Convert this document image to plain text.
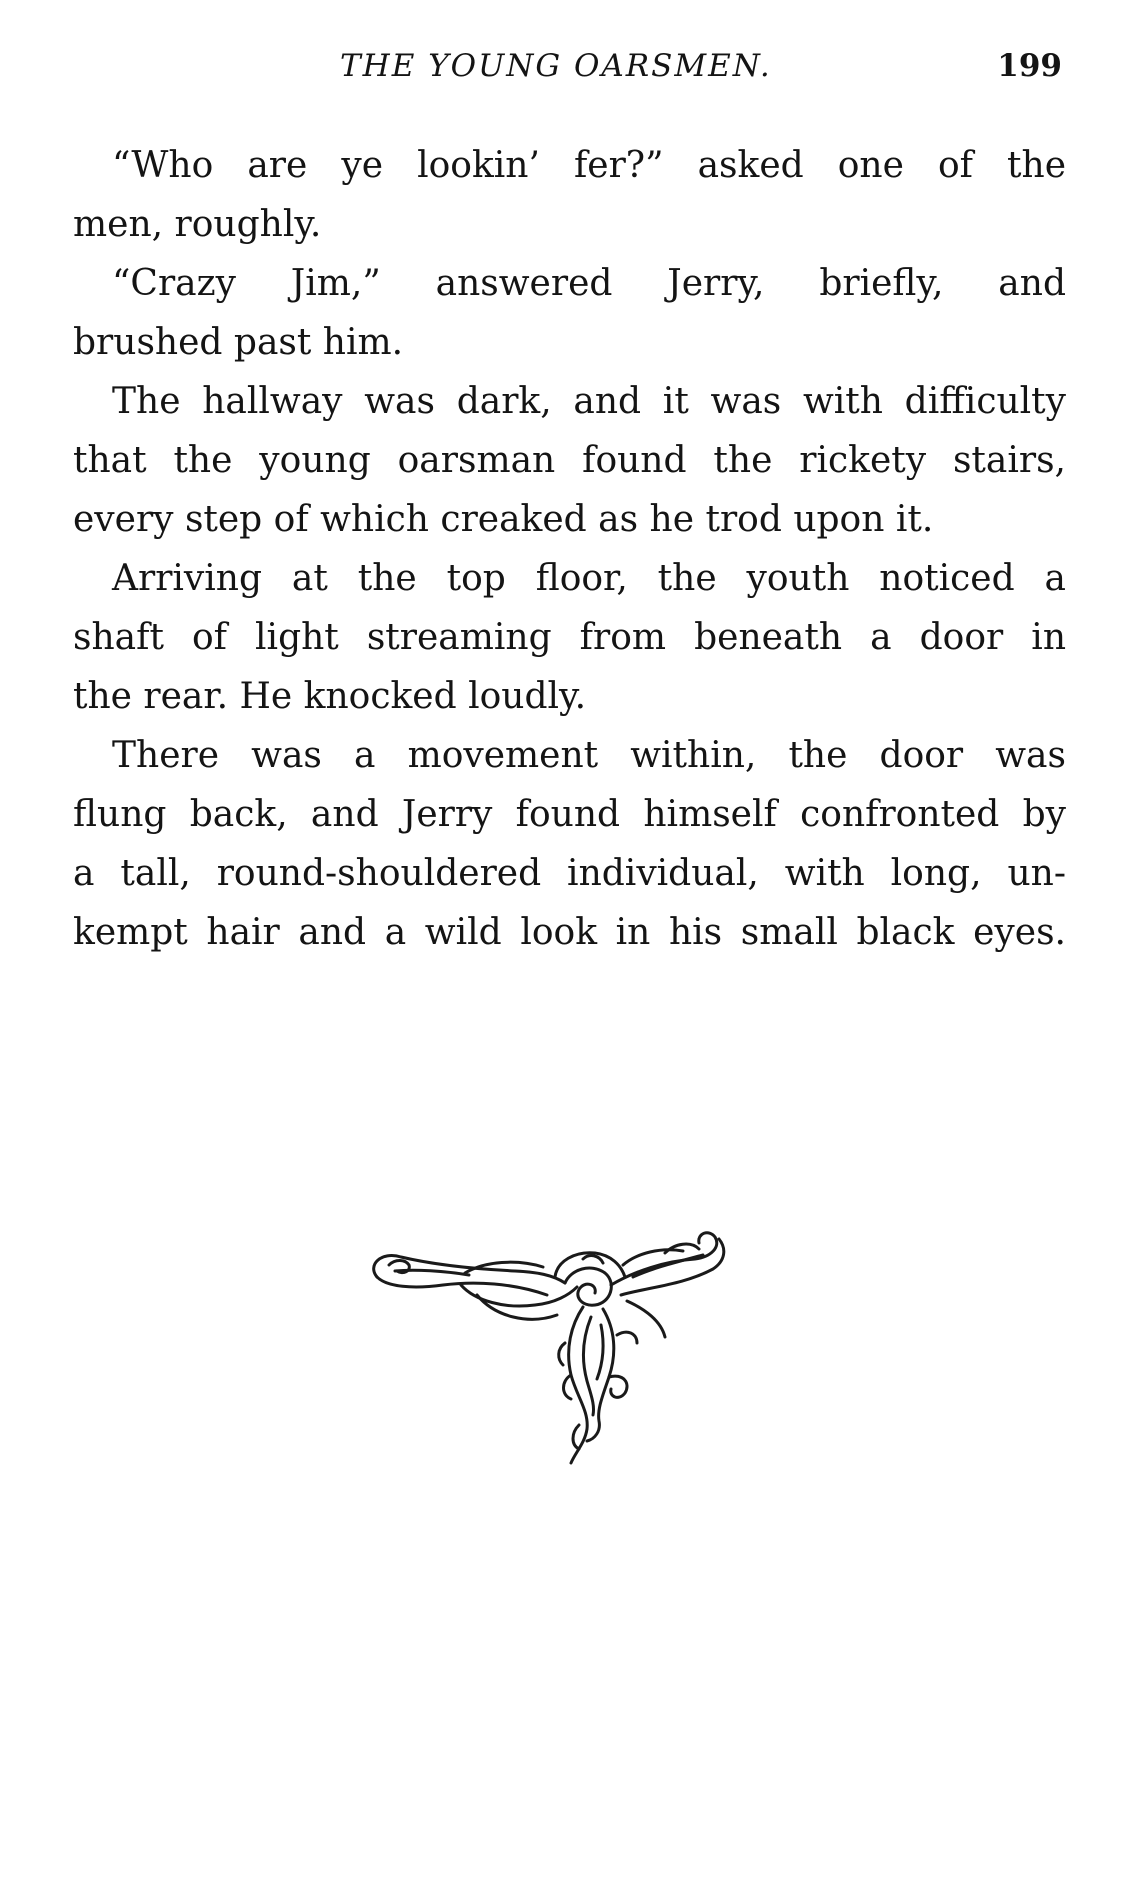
THE YOUNG OARSMEN.	199
“Who are ye lookin’ fer?” asked one of the
men, roughly.
“Crazy Jim,” answered Jerry, briefly, and
brushed past him.
The hallway was dark, and it was with difficulty
that the young oarsman found the rickety stairs,
every step of which creaked as he trod upon it.
Arriving at the top floor, the youth noticed a
shaft of light streaming from beneath a door in
the rear. He knocked loudly.
There was a movement within, the door was
flung back, and Jerry found himself confronted by
a tall, round-shouldered individual, with long, un-
kempt hair and a wild look in his small black eyes.
